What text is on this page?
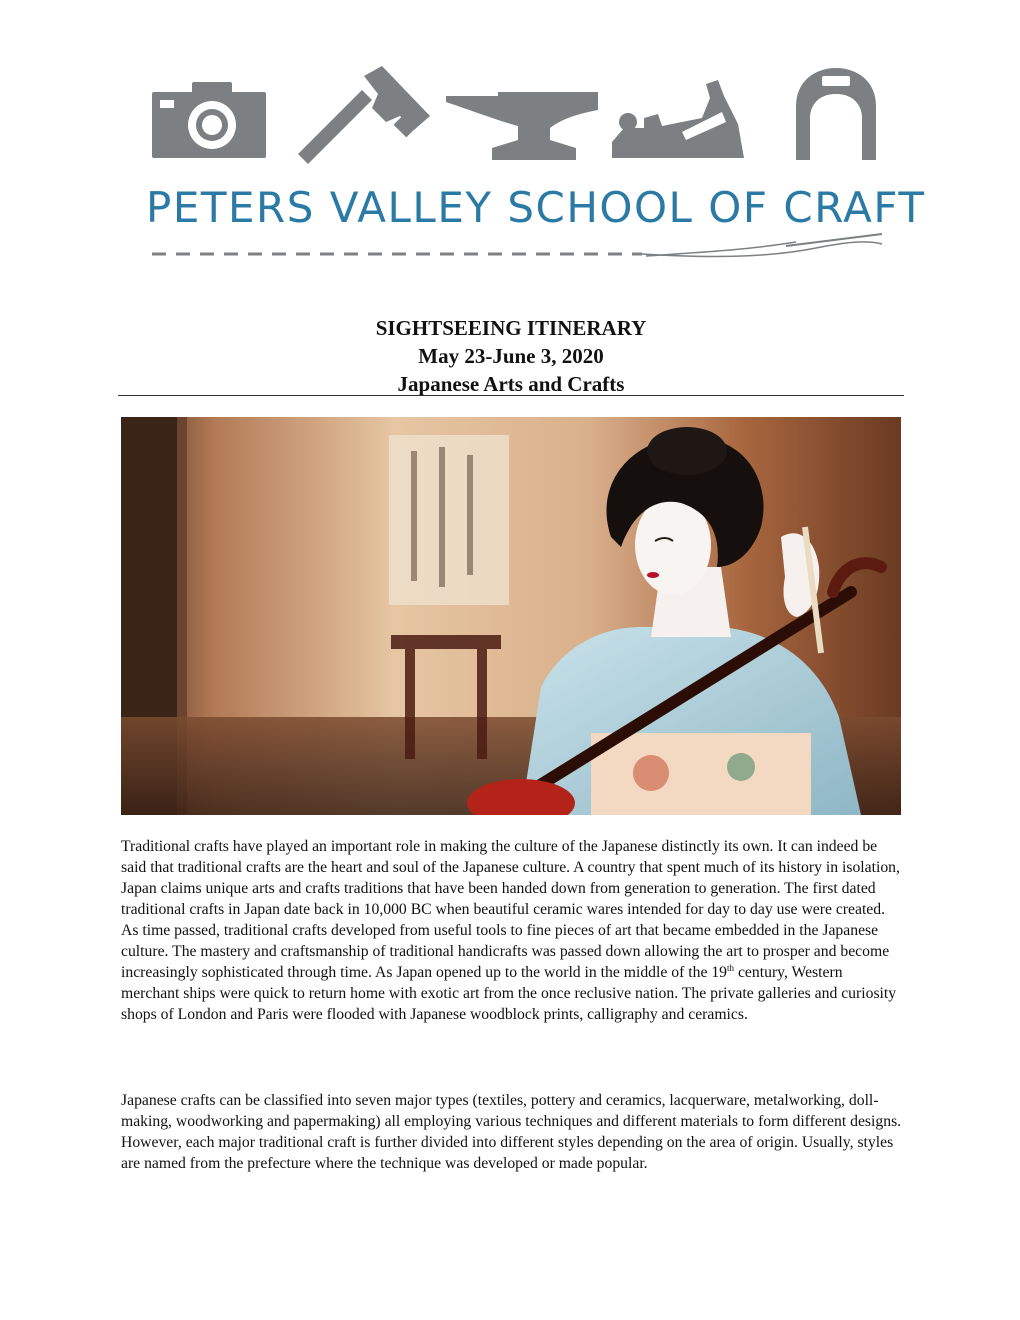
PETERS VALLEY SCHOOL OF CRAFT
SIGHTSEEING ITINERARY
May 23-June 3, 2020
Japanese Arts and Crafts
Traditional crafts have played an important role in making the culture of the Japanese distinctly its own. It can indeed be said that traditional crafts are the heart and soul of the Japanese culture. A country that spent much of its history in isolation, Japan claims unique arts and crafts traditions that have been handed down from generation to generation. The first dated traditional crafts in Japan date back in 10,000 BC when beautiful ceramic wares intended for day to day use were created. As time passed, traditional crafts developed from useful tools to fine pieces of art that became embedded in the Japanese culture. The mastery and craftsmanship of traditional handicrafts was passed down allowing the art to prosper and become increasingly sophisticated through time. As Japan opened up to the world in the middle of the 19th century, Western merchant ships were quick to return home with exotic art from the once reclusive nation. The private galleries and curiosity shops of London and Paris were flooded with Japanese woodblock prints, calligraphy and ceramics.
Japanese crafts can be classified into seven major types (textiles, pottery and ceramics, lacquerware, metalworking, doll-making, woodworking and papermaking) all employing various techniques and different materials to form different designs. However, each major traditional craft is further divided into different styles depending on the area of origin. Usually, styles are named from the prefecture where the technique was developed or made popular.
